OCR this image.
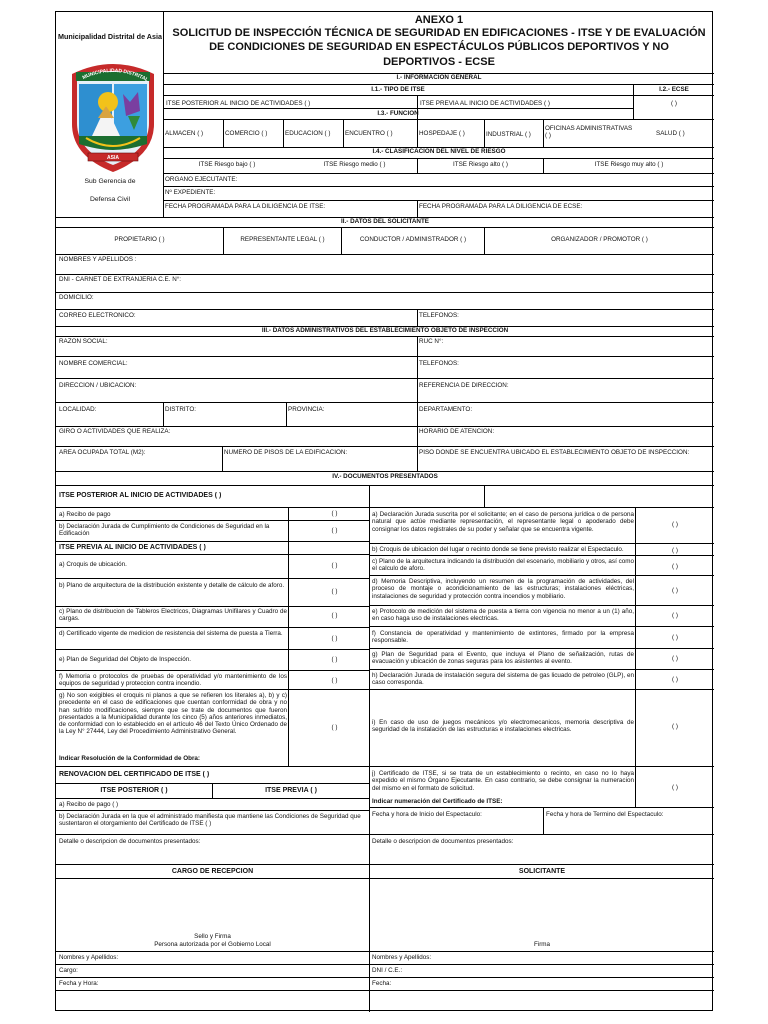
Municipalidad Distrital de Asia
MUNICIPALIDAD DISTRITAL
ASIA
Sub Gerencia de
Defensa Civil
ANEXO 1
SOLICITUD DE INSPECCIÓN TÉCNICA DE SEGURIDAD EN EDIFICACIONES - ITSE Y DE EVALUACIÓN DE CONDICIONES DE SEGURIDAD EN ESPECTÁCULOS PÚBLICOS DEPORTIVOS Y NO DEPORTIVOS - ECSE
I.- INFORMACION GENERAL
I.1.- TIPO DE ITSE	I.2.- ECSE
ITSE POSTERIOR AL INICIO DE ACTIVIDADES ( )	ITSE PREVIA AL INICIO DE ACTIVIDADES ( )	( )
I.3.- FUNCION
ALMACEN ( )	COMERCIO ( )	EDUCACION ( )	ENCUENTRO ( )	HOSPEDAJE ( )	INDUSTRIAL ( )
OFICINAS ADMINISTRATIVAS ( )	SALUD ( )
I.4.- CLASIFICACION DEL NIVEL DE RIESGO
ITSE Riesgo bajo ( )	ITSE Riesgo medio ( )	ITSE Riesgo alto ( )	ITSE Riesgo muy alto ( )
ORGANO EJECUTANTE:
Nº EXPEDIENTE:
FECHA PROGRAMADA PARA LA DILIGENCIA DE ITSE:	FECHA PROGRAMADA PARA LA DILIGENCIA DE ECSE:
II.- DATOS DEL SOLICITANTE
PROPIETARIO ( )	REPRESENTANTE LEGAL ( )	CONDUCTOR / ADMINISTRADOR ( )	ORGANIZADOR / PROMOTOR ( )
NOMBRES Y APELLIDOS :
DNI - CARNET DE EXTRANJERIA C.E. N°:
DOMICILIO:
CORREO ELECTRÓNICO:	TELEFONOS:
III.- DATOS ADMINISTRATIVOS DEL ESTABLECIMIENTO OBJETO DE INSPECCIÓN
RAZON SOCIAL:	RUC N°:
NOMBRE COMERCIAL:	TELEFONOS:
DIRECCION / UBICACION:	REFERENCIA DE DIRECCION:
LOCALIDAD:	DISTRITO:	PROVINCIA:	DEPARTAMENTO:
GIRO O ACTIVIDADES QUE REALIZA:	HORARIO DE ATENCION:
AREA OCUPADA TOTAL (M2):	NUMERO DE PISOS DE LA EDIFICACION:	PISO DONDE SE ENCUENTRA UBICADO EL ESTABLECIMIENTO OBJETO DE INSPECCION:
IV.- DOCUMENTOS PRESENTADOS
ITSE POSTERIOR AL INICIO DE ACTIVIDADES ( )
a) Recibo de pago	( )
b) Declaración Jurada de Cumplimiento de Condiciones de Seguridad en la Edificación	( )
ITSE PREVIA AL INICIO DE ACTIVIDADES ( )
a) Croquis de ubicación.	( )
b) Plano de arquitectura de la distribución existente y detalle de cálculo de aforo.
( )
c) Plano de distribucion de Tableros Electricos, Diagramas Unifilares y Cuadro de cargas.	( )
d) Certificado vigente de medicion de resistencia del sistema de puesta a Tierra.
( )
e) Plan de Seguridad del Objeto de Inspección.	( )
f) Memoria o protocolos de pruebas de operatividad y/o mantenimiento de los equipos de seguridad y proteccion contra incendio.	( )
g) No son exigibles el croquis ni planos a que se refieren los literales a), b) y c) precedente en el caso de edificaciones que cuentan conformidad de obra y no han sufrido modificaciones, siempre que se trate de documentos que fueron presentados a la Municipalidad durante los cinco (5) años anteriores inmediatos, de conformidad con lo establecido en el artículo 46 del Texto Único Ordenado de la Ley N° 27444, Ley del Procedimiento Administrativo General.
Indicar Resolución de la Conformidad de Obra:
( )
RENOVACIÓN DEL CERTIFICADO DE ITSE ( )
ITSE POSTERIOR ( )	ITSE PREVIA ( )
a) Recibo de pago ( )
b) Declaración Jurada en la que el administrado manifiesta que mantiene las Condiciones de Seguridad que sustentaron el otorgamiento del Certificado de ITSE ( )
Detalle o descripcion de documentos presentados:
a) Declaración Jurada suscrita por el solicitante; en el caso de persona jurídica o de persona natural que actúe mediante representación, el representante legal o apoderado debe consignar los datos registrales de su poder y señalar que se encuentra vigente.
( )
b) Croquis de ubicacion del lugar o recinto donde se tiene previsto realizar el Espectaculo.	( )
c) Plano de la arquitectura indicando la distribución del escenario, mobiliario y otros, así como el calculo de aforo.	( )
d) Memoria Descriptiva, incluyendo un resumen de la programación de actividades, del proceso de montaje o acondicionamiento de las estructuras; instalaciones eléctricas, instalaciones de seguridad y protección contra incendios y mobiliario.
( )
e) Protocolo de medición del sistema de puesta a tierra con vigencia no menor a un (1) año, en caso haga uso de instalaciones electricas.	( )
f) Constancia de operatividad y mantenimiento de extintores, firmado por la empresa responsable.	( )
g) Plan de Seguridad para el Evento, que incluya el Plano de señalización, rutas de evacuación y ubicación de zonas seguras para los asistentes al evento.	( )
h) Declaración Jurada de instalación segura del sistema de gas licuado de petroleo (GLP), en caso corresponda.	( )
i) En caso de uso de juegos mecánicos y/o electromecanicos, memoria descriptiva de seguridad de la instalación de las estructuras e instalaciones electricas.	( )
j) Certificado de ITSE, si se trata de un establecimiento o recinto, en caso no lo haya expedido el mismo Órgano Ejecutante. En caso contrario, se debe consignar la numeracion del mismo en el formato de solicitud.
Indicar numeración del Certificado de ITSE:
( )
Fecha y hora de Inicio del Espectaculo:	Fecha y hora de Termino del Espectaculo:
Detalle o descripcion de documentos presentados:
CARGO DE RECEPCION	SOLICITANTE
Sello y Firma
Persona autorizada por el Gobierno Local	Firma
Nombres y Apellidos:	Nombres y Apellidos:
Cargo:	DNI / C.E.:
Fecha y Hora:	Fecha:
